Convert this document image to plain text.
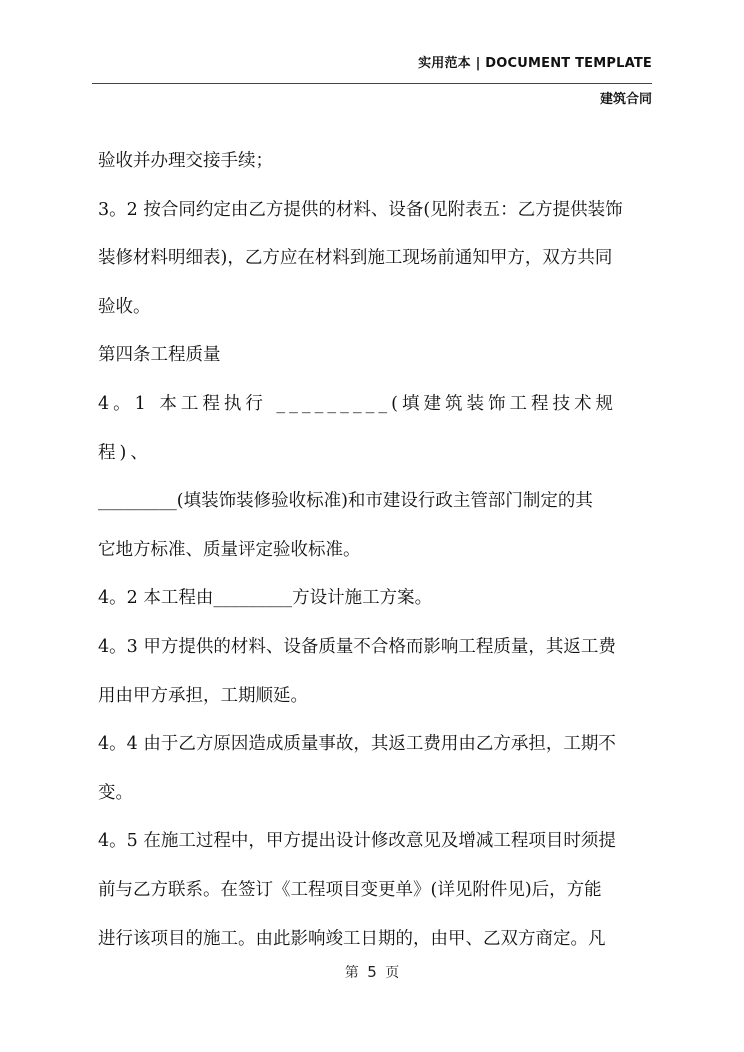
实用范本 | DOCUMENT TEMPLATE
建筑合同

验收并办理交接手续；

3。2 按合同约定由乙方提供的材料、设备(见附表五：乙方提供装饰

装修材料明细表)，乙方应在材料到施工现场前通知甲方，双方共同

验收。

第四条工程质量

4。1 本工程执行 _________(填建筑装饰工程技术规程)、

_________(填装饰装修验收标准)和市建设行政主管部门制定的其

它地方标准、质量评定验收标准。

4。2 本工程由_________方设计施工方案。

4。3 甲方提供的材料、设备质量不合格而影响工程质量，其返工费

用由甲方承担，工期顺延。

4。4 由于乙方原因造成质量事故，其返工费用由乙方承担，工期不

变。

4。5 在施工过程中，甲方提出设计修改意见及增减工程项目时须提

前与乙方联系。在签订《工程项目变更单》(详见附件见)后，方能

进行该项目的施工。由此影响竣工日期的，由甲、乙双方商定。凡

第 5 页
